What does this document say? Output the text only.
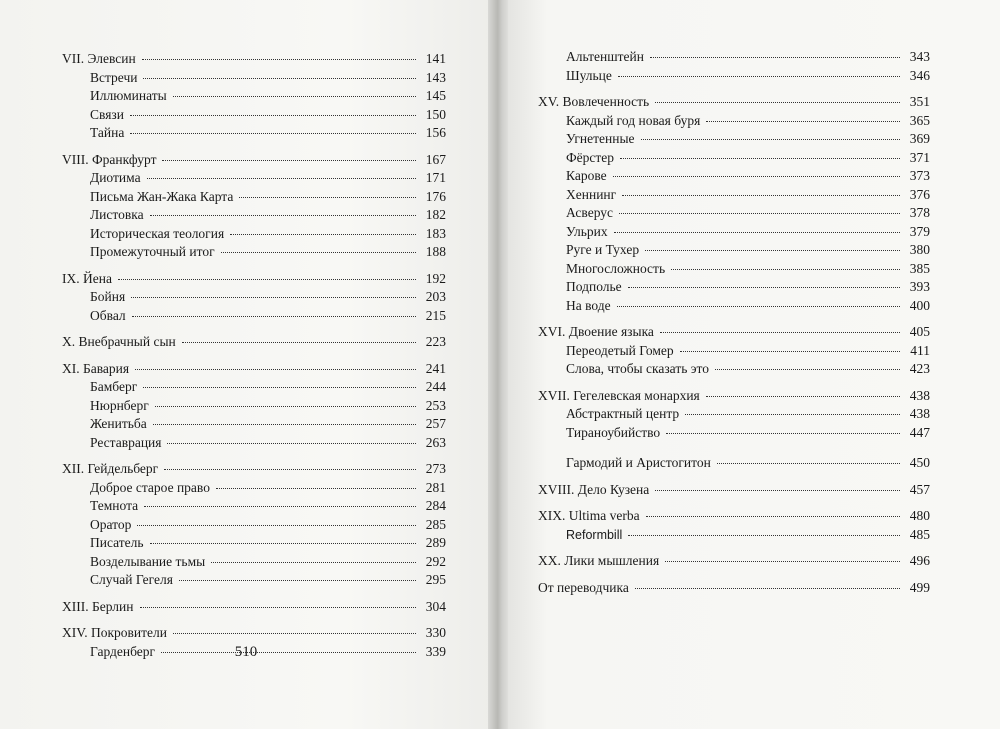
VII. Элевсин	141
Встречи	143
Иллюминаты	145
Связи	150
Тайна	156
VIII. Франкфурт	167
Диотима	171
Письма Жан-Жака Карта	176
Листовка	182
Историческая теология	183
Промежуточный итог	188
IX. Йена	192
Бойня	203
Обвал	215
X. Внебрачный сын	223
XI. Бавария	241
Бамберг	244
Нюрнберг	253
Женитьба	257
Реставрация	263
XII. Гейдельберг	273
Доброе старое право	281
Темнота	284
Оратор	285
Писатель	289
Возделывание тьмы	292
Случай Гегеля	295
XIII. Берлин	304
XIV. Покровители	330
Гарденберг	339
510
Альтенштейн	343
Шульце	346
XV. Вовлеченность	351
Каждый год новая буря	365
Угнетенные	369
Фёрстер	371
Карове	373
Хеннинг	376
Асверус	378
Ульрих	379
Руге и Тухер	380
Многосложность	385
Подполье	393
На воде	400
XVI. Двоение языка	405
Переодетый Гомер	411
Слова, чтобы сказать это	423
XVII. Гегелевская монархия	438
Абстрактный центр	438
Тираноубийство	447
Гармодий и Аристогитон	450
XVIII. Дело Кузена	457
XIX. Ultima verba	480
Reformbill	485
XX. Лики мышления	496
От переводчика	499
